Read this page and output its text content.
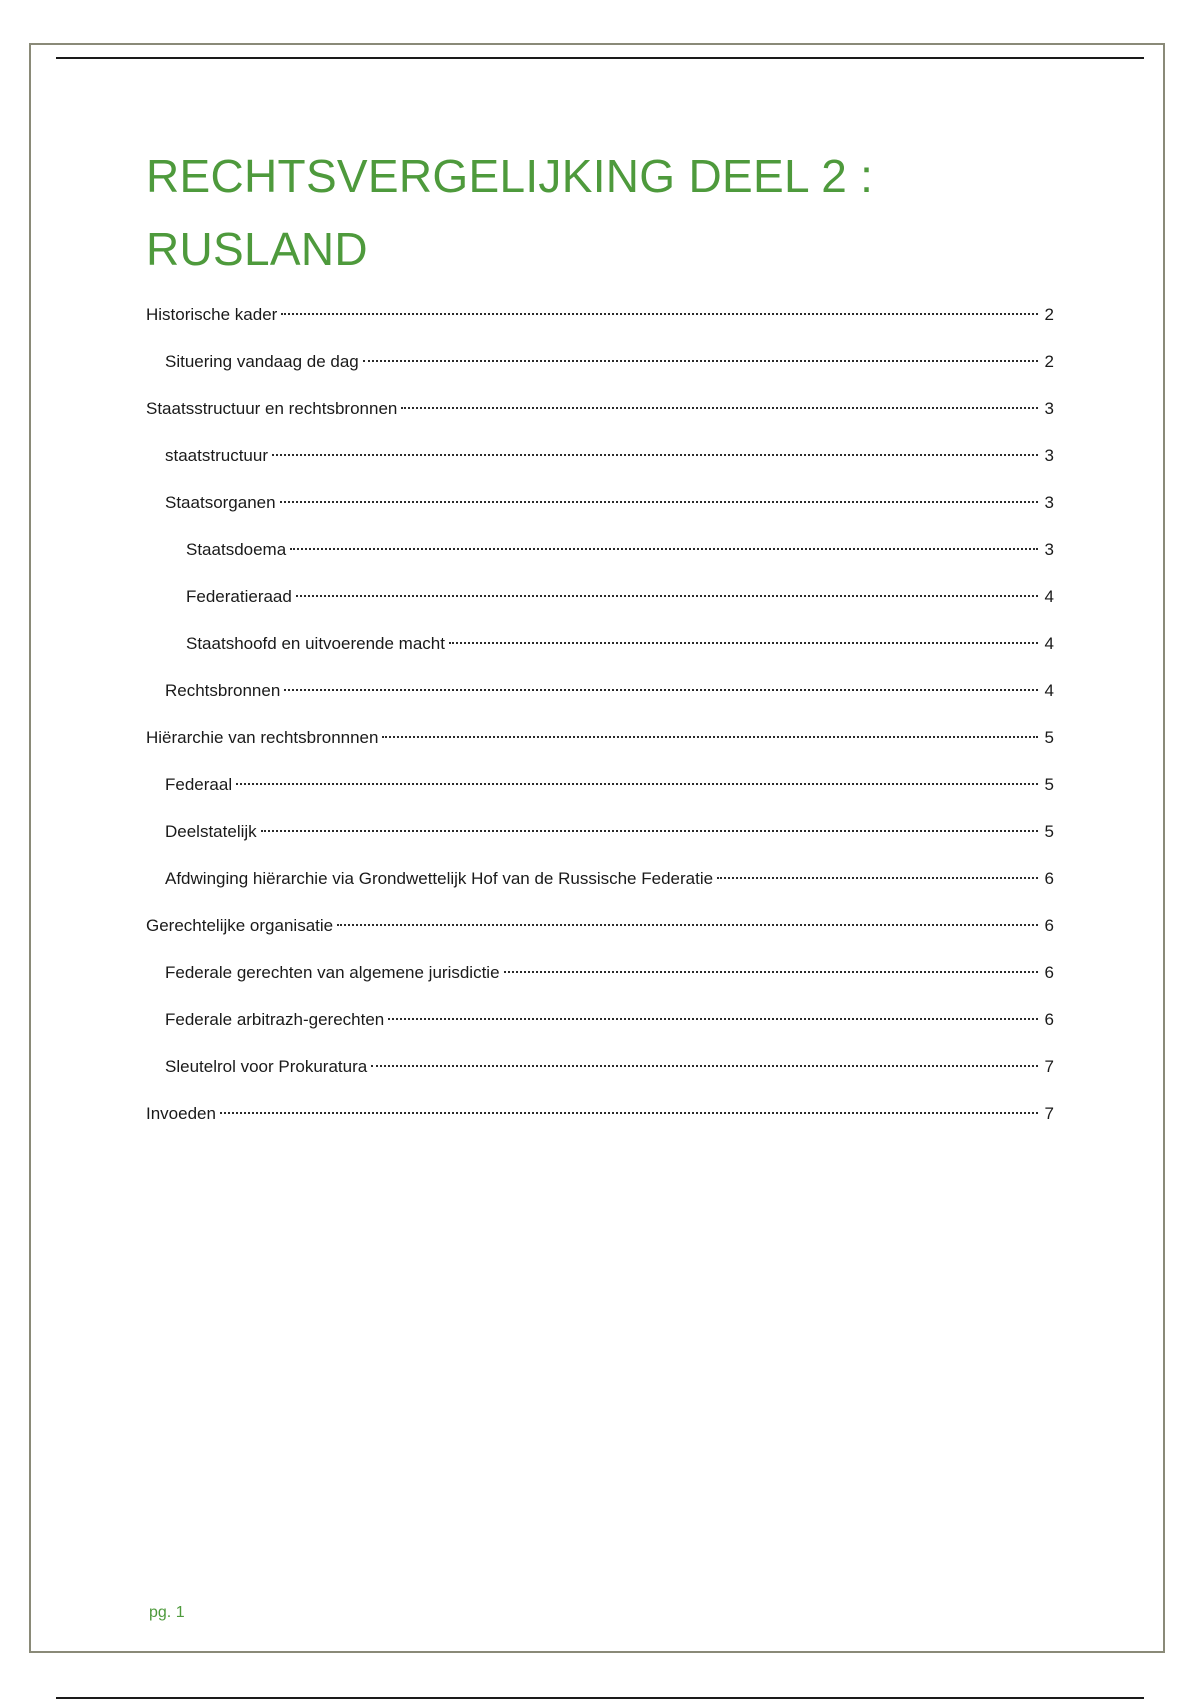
RECHTSVERGELIJKING DEEL 2 :
RUSLAND
Historische kader	2
Situering vandaag de dag	2
Staatsstructuur en rechtsbronnen	3
staatstructuur	3
Staatsorganen	3
Staatsdoema	3
Federatieraad	4
Staatshoofd en uitvoerende macht	4
Rechtsbronnen	4
Hiërarchie van rechtsbronnnen	5
Federaal	5
Deelstatelijk	5
Afdwinging hiërarchie via Grondwettelijk Hof van de Russische Federatie	6
Gerechtelijke organisatie	6
Federale gerechten van algemene jurisdictie	6
Federale arbitrazh-gerechten	6
Sleutelrol voor Prokuratura	7
Invoeden	7
pg. 1
